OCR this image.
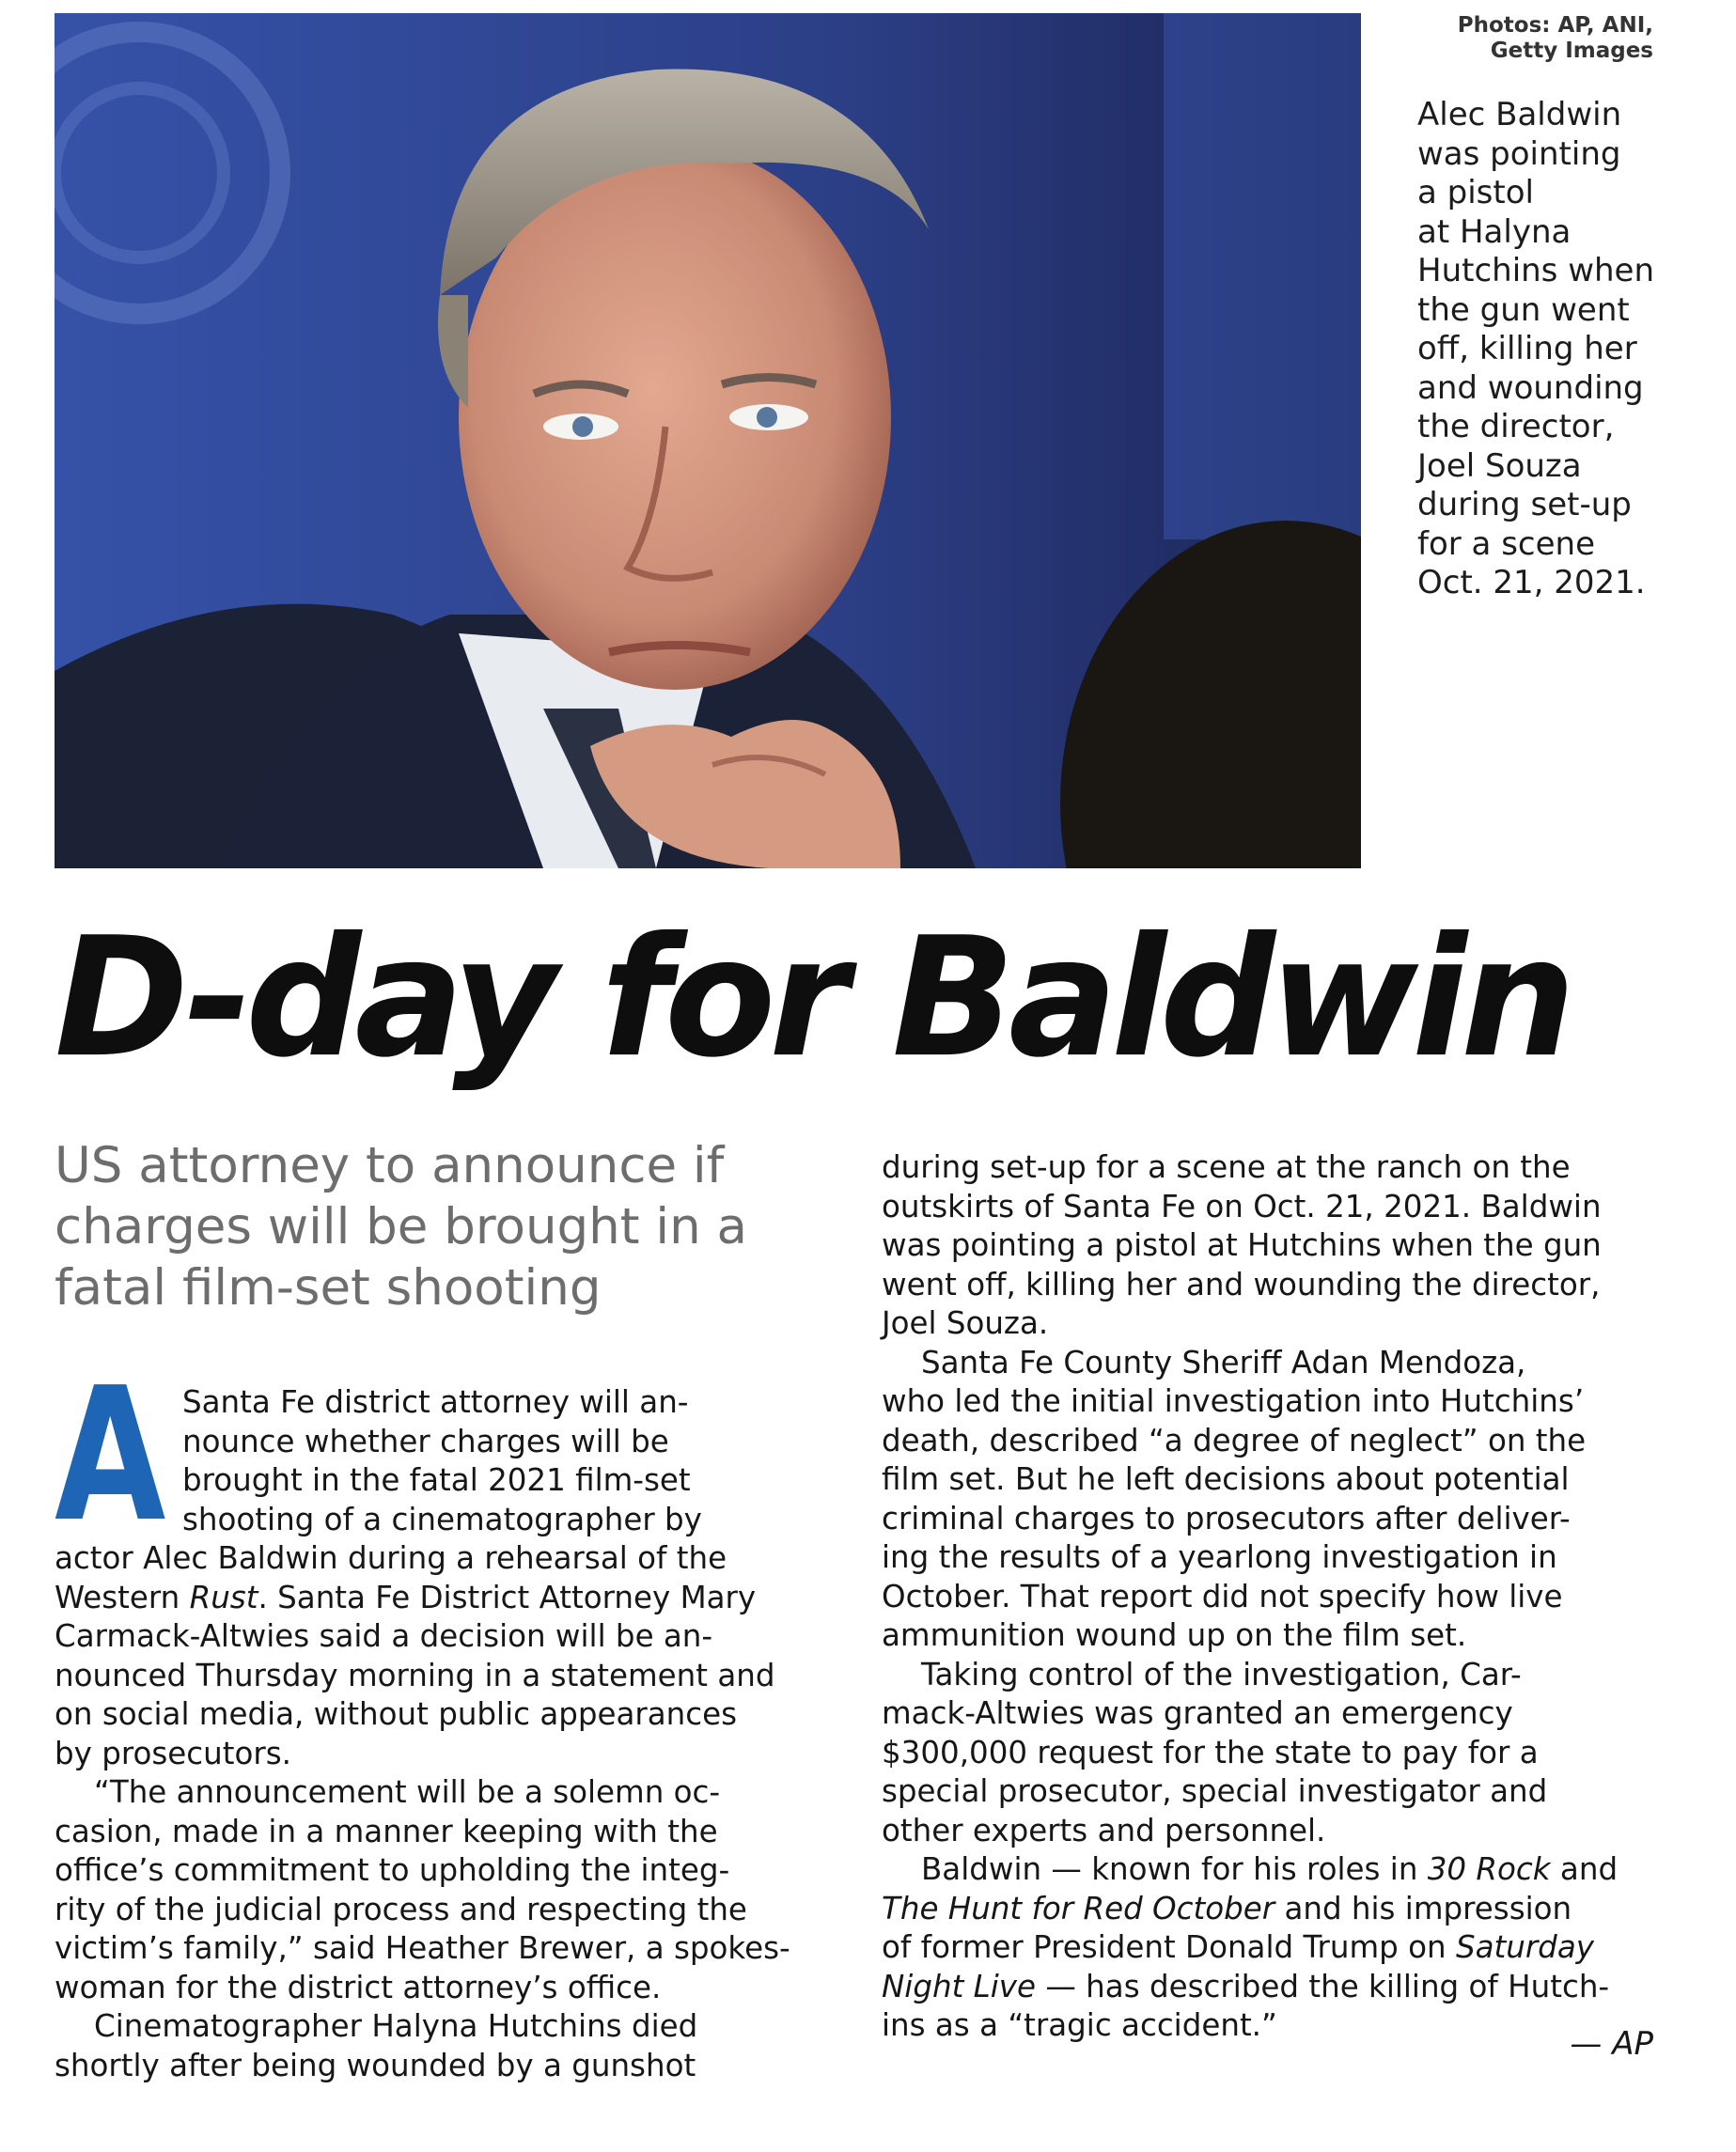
Photos: AP, ANI,
Getty Images
Alec Baldwin
was pointing
a pistol
at Halyna
Hutchins when
the gun went
off, killing her
and wounding
the director,
Joel Souza
during set-up
for a scene
Oct. 21, 2021.
D-day for Baldwin
US attorney to announce if
charges will be brought in a
fatal film-set shooting
A Santa Fe district attorney will an-
nounce whether charges will be
brought in the fatal 2021 film-set
shooting of a cinematographer by
actor Alec Baldwin during a rehearsal of the
Western Rust. Santa Fe District Attorney Mary
Carmack-Altwies said a decision will be an-
nounced Thursday morning in a statement and
on social media, without public appearances
by prosecutors.
“The announcement will be a solemn oc-
casion, made in a manner keeping with the
office’s commitment to upholding the integ-
rity of the judicial process and respecting the
victim’s family,” said Heather Brewer, a spokes-
woman for the district attorney’s office.
Cinematographer Halyna Hutchins died
shortly after being wounded by a gunshot
during set-up for a scene at the ranch on the
outskirts of Santa Fe on Oct. 21, 2021. Baldwin
was pointing a pistol at Hutchins when the gun
went off, killing her and wounding the director,
Joel Souza.
Santa Fe County Sheriff Adan Mendoza,
who led the initial investigation into Hutchins’
death, described “a degree of neglect” on the
film set. But he left decisions about potential
criminal charges to prosecutors after deliver-
ing the results of a yearlong investigation in
October. That report did not specify how live
ammunition wound up on the film set.
Taking control of the investigation, Car-
mack-Altwies was granted an emergency
$300,000 request for the state to pay for a
special prosecutor, special investigator and
other experts and personnel.
Baldwin — known for his roles in 30 Rock and
The Hunt for Red October and his impression
of former President Donald Trump on Saturday
Night Live — has described the killing of Hutch-
ins as a “tragic accident.”	— AP
